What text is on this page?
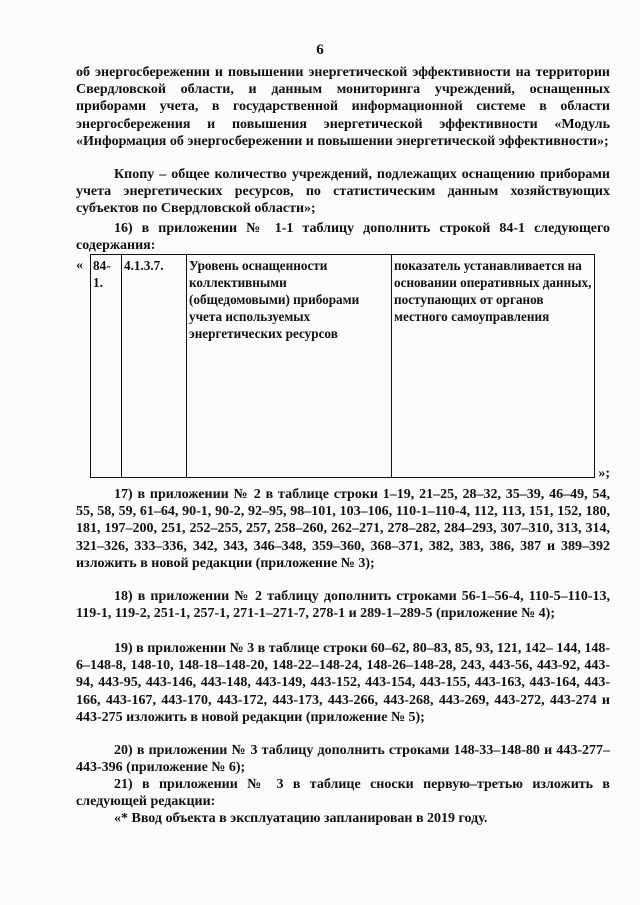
6
об энергосбережении и повышении энергетической эффективности на территории Свердловской области, и данным мониторинга учреждений, оснащенных приборами учета, в государственной информационной системе в области энергосбережения и повышения энергетической эффективности «Модуль «Информация об энергосбережении и повышении энергетической эффективности»;
Кпопу – общее количество учреждений, подлежащих оснащению приборами учета энергетических ресурсов, по статистическим данным хозяйствующих субъектов по Свердловской области»;
16) в приложении № 1-1 таблицу дополнить строкой 84-1 следующего содержания:
« 84-1.	4.1.3.7.	Уровень оснащенности коллективными (общедомовыми) приборами учета используемых энергетических ресурсов	показатель устанавливается на основании оперативных данных, поступающих от органов местного самоуправления
»;
17) в приложении № 2 в таблице строки 1–19, 21–25, 28–32, 35–39, 46–49, 54, 55, 58, 59, 61–64, 90-1, 90-2, 92–95, 98–101, 103–106, 110-1–110-4, 112, 113, 151, 152, 180, 181, 197–200, 251, 252–255, 257, 258–260, 262–271, 278–282, 284–293, 307–310, 313, 314, 321–326, 333–336, 342, 343, 346–348, 359–360, 368–371, 382, 383, 386, 387 и 389–392 изложить в новой редакции (приложение № 3);
18) в приложении № 2 таблицу дополнить строками 56-1–56-4, 110-5–110-13, 119-1, 119-2, 251-1, 257-1, 271-1–271-7, 278-1 и 289-1–289-5 (приложение № 4);
19) в приложении № 3 в таблице строки 60–62, 80–83, 85, 93, 121, 142– 144, 148-6–148-8, 148-10, 148-18–148-20, 148-22–148-24, 148-26–148-28, 243, 443-56, 443-92, 443-94, 443-95, 443-146, 443-148, 443-149, 443-152, 443-154, 443-155, 443-163, 443-164, 443-166, 443-167, 443-170, 443-172, 443-173, 443-266, 443-268, 443-269, 443-272, 443-274 и 443-275 изложить в новой редакции (приложение № 5);
20) в приложении № 3 таблицу дополнить строками 148-33–148-80 и 443-277–443-396 (приложение № 6);
21) в приложении № 3 в таблице сноски первую–третью изложить в следующей редакции:
«* Ввод объекта в эксплуатацию запланирован в 2019 году.
